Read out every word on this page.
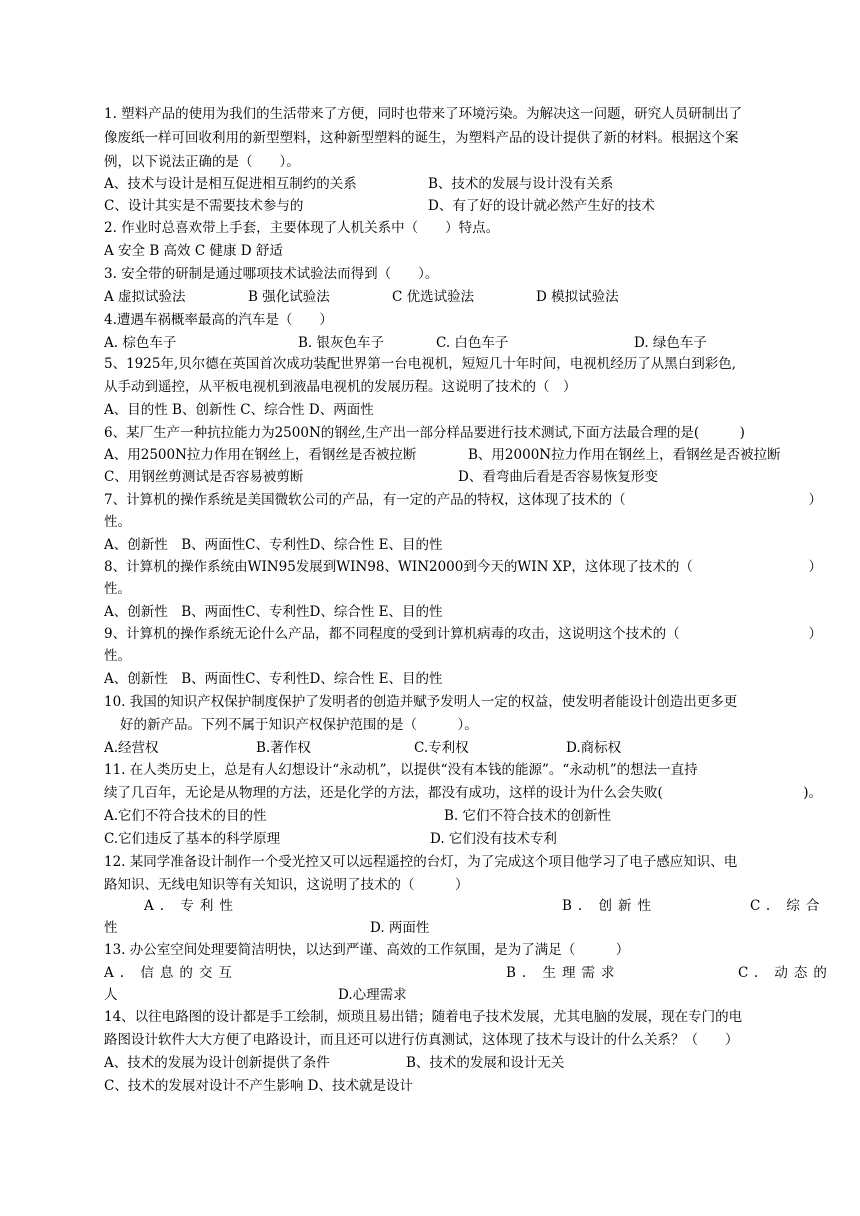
1. 塑料产品的使用为我们的生活带来了方便，同时也带来了环境污染。为解决这一问题，研究人员研制出了
像废纸一样可回收利用的新型塑料，这种新型塑料的诞生，为塑料产品的设计提供了新的材料。根据这个案
例，以下说法正确的是（　　）。
A、技术与设计是相互促进相互制约的关系	B、技术的发展与设计没有关系
C、设计其实是不需要技术参与的	D、有了好的设计就必然产生好的技术
2. 作业时总喜欢带上手套，主要体现了人机关系中（　　）特点。
A 安全 B 高效 C 健康 D 舒适
3. 安全带的研制是通过哪项技术试验法而得到（　　）。
A 虚拟试验法	B 强化试验法	C 优选试验法	D 模拟试验法
4.遭遇车祸概率最高的汽车是（　　）
A. 棕色车子	B. 银灰色车子	C. 白色车子	D. 绿色车子
5、1925年,贝尔德在英国首次成功装配世界第一台电视机，短短几十年时间，电视机经历了从黑白到彩色,
从手动到遥控，从平板电视机到液晶电视机的发展历程。这说明了技术的（　）
A、目的性 B、创新性 C、综合性 D、两面性
6、某厂生产一种抗拉能力为2500N的钢丝,生产出一部分样品要进行技术测试,下面方法最合理的是(　　　)
A、用2500N拉力作用在钢丝上，看钢丝是否被拉断	B、用2000N拉力作用在钢丝上，看钢丝是否被拉断
C、用钢丝剪测试是否容易被剪断	D、看弯曲后看是否容易恢复形变
7、计算机的操作系统是美国微软公司的产品，有一定的产品的特权，这体现了技术的（	）
性。
A、创新性　B、两面性C、专利性D、综合性 E、目的性
8、计算机的操作系统由WIN95发展到WIN98、WIN2000到今天的WIN XP，这体现了技术的（	）
性。
A、创新性　B、两面性C、专利性D、综合性 E、目的性
9、计算机的操作系统无论什么产品，都不同程度的受到计算机病毒的攻击，这说明这个技术的（	）
性。
A、创新性　B、两面性C、专利性D、综合性 E、目的性
10. 我国的知识产权保护制度保护了发明者的创造并赋予发明人一定的权益，使发明者能设计创造出更多更
好的新产品。下列不属于知识产权保护范围的是（　　　）。
A.经营权	B.著作权	C.专利权	D.商标权
11. 在人类历史上，总是有人幻想设计“永动机”，以提供“没有本钱的能源”。“永动机”的想法一直持
续了几百年，无论是从物理的方法，还是化学的方法，都没有成功，这样的设计为什么会失败(	)。
A.它们不符合技术的目的性	B. 它们不符合技术的创新性
C.它们违反了基本的科学原理	D. 它们没有技术专利
12. 某同学准备设计制作一个受光控又可以远程遥控的台灯，为了完成这个项目他学习了电子感应知识、电
路知识、无线电知识等有关知识，这说明了技术的（　　　）
A. 专利性	B. 创新性	C. 综合
性	D. 两面性
13. 办公室空间处理要简洁明快，以达到严谨、高效的工作氛围，是为了满足（　　　）
A. 信息的交互	B. 生理需求	C. 动态的
人	D.心理需求
14、以往电路图的设计都是手工绘制，烦琐且易出错；随着电子技术发展，尤其电脑的发展，现在专门的电
路图设计软件大大方便了电路设计，而且还可以进行仿真测试，这体现了技术与设计的什么关系？（　　）
A、技术的发展为设计创新提供了条件	B、技术的发展和设计无关
C、技术的发展对设计不产生影响 D、技术就是设计
